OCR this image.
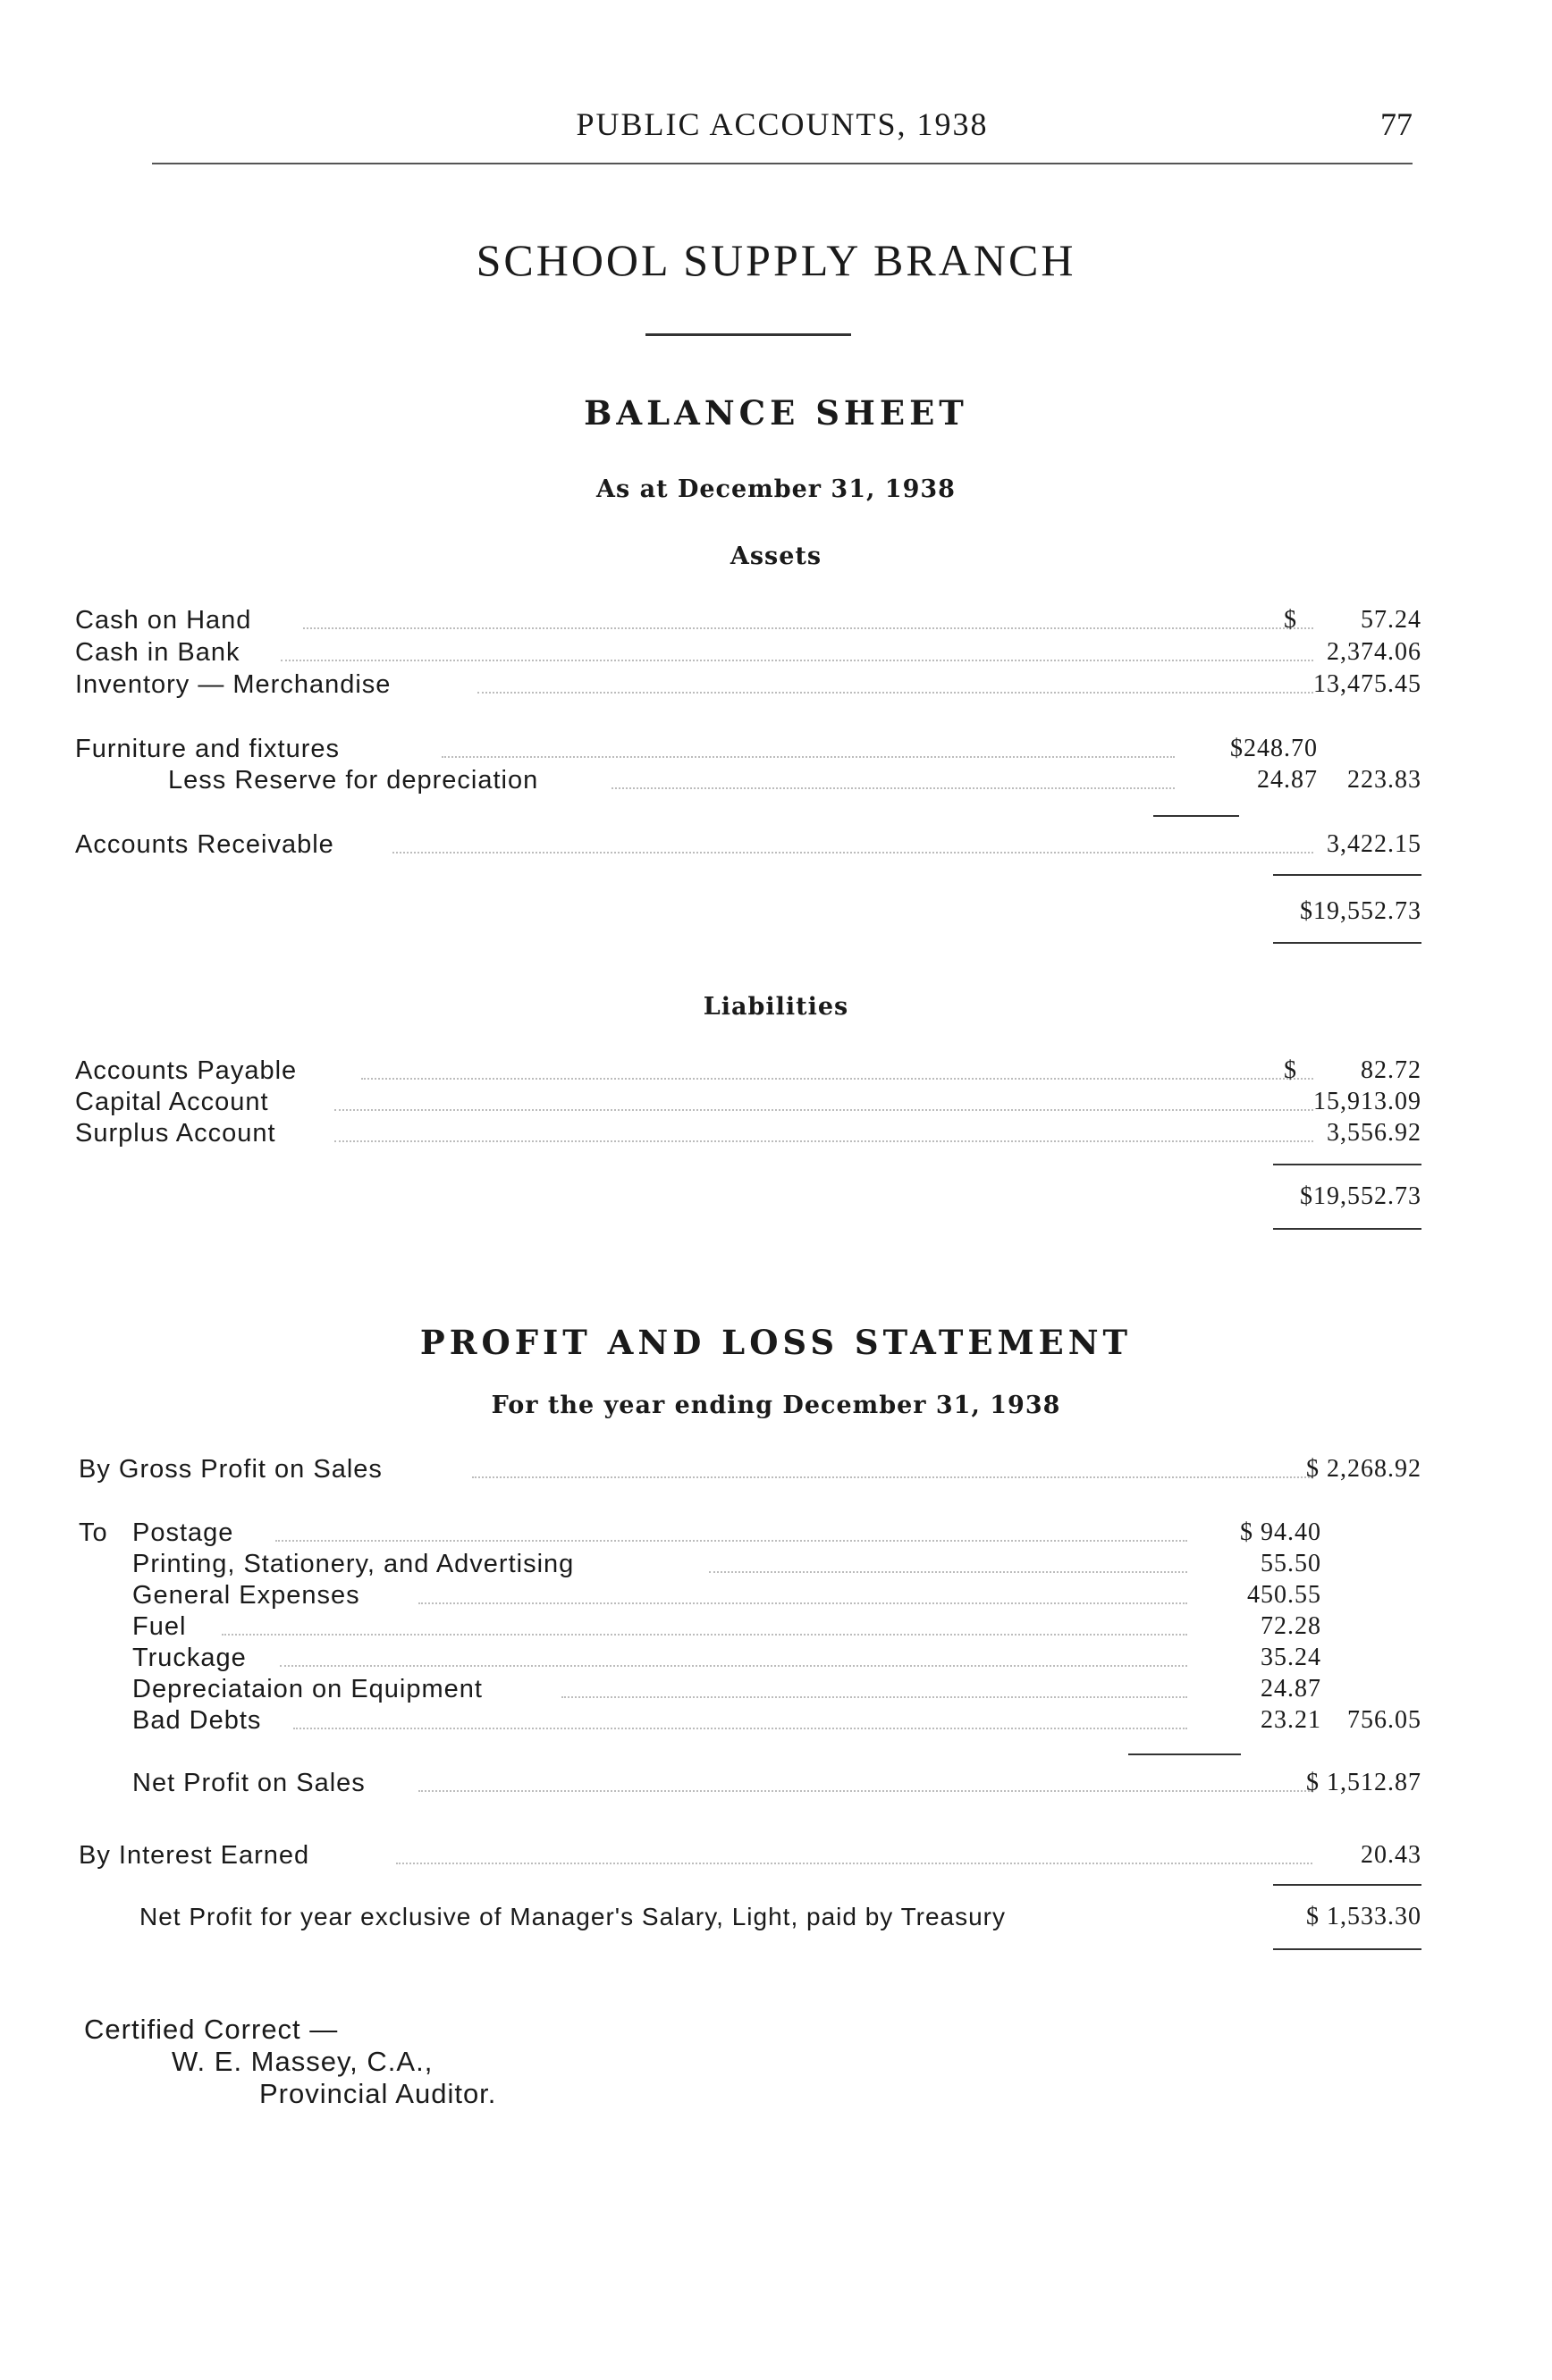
PUBLIC ACCOUNTS, 1938	77
SCHOOL SUPPLY BRANCH
BALANCE SHEET
As at December 31, 1938
Assets
Cash on Hand	$	57.24
Cash in Bank	2,374.06
Inventory — Merchandise	13,475.45
Furniture and fixtures	$248.70
Less Reserve for depreciation	24.87	223.83
Accounts Receivable	3,422.15
$19,552.73
Liabilities
Accounts Payable	$	82.72
Capital Account	15,913.09
Surplus Account	3,556.92
$19,552.73
PROFIT AND LOSS STATEMENT
For the year ending December 31, 1938
By Gross Profit on Sales	$ 2,268.92
To Postage	$ 94.40
Printing, Stationery, and Advertising	55.50
General Expenses	450.55
Fuel	72.28
Truckage	35.24
Depreciataion on Equipment	24.87
Bad Debts	23.21	756.05
Net Profit on Sales	$ 1,512.87
By Interest Earned	20.43
Net Profit for year exclusive of Manager's Salary, Light, paid by Treasury	$ 1,533.30
Certified Correct —
W. E. Massey, C.A.,
Provincial Auditor.
